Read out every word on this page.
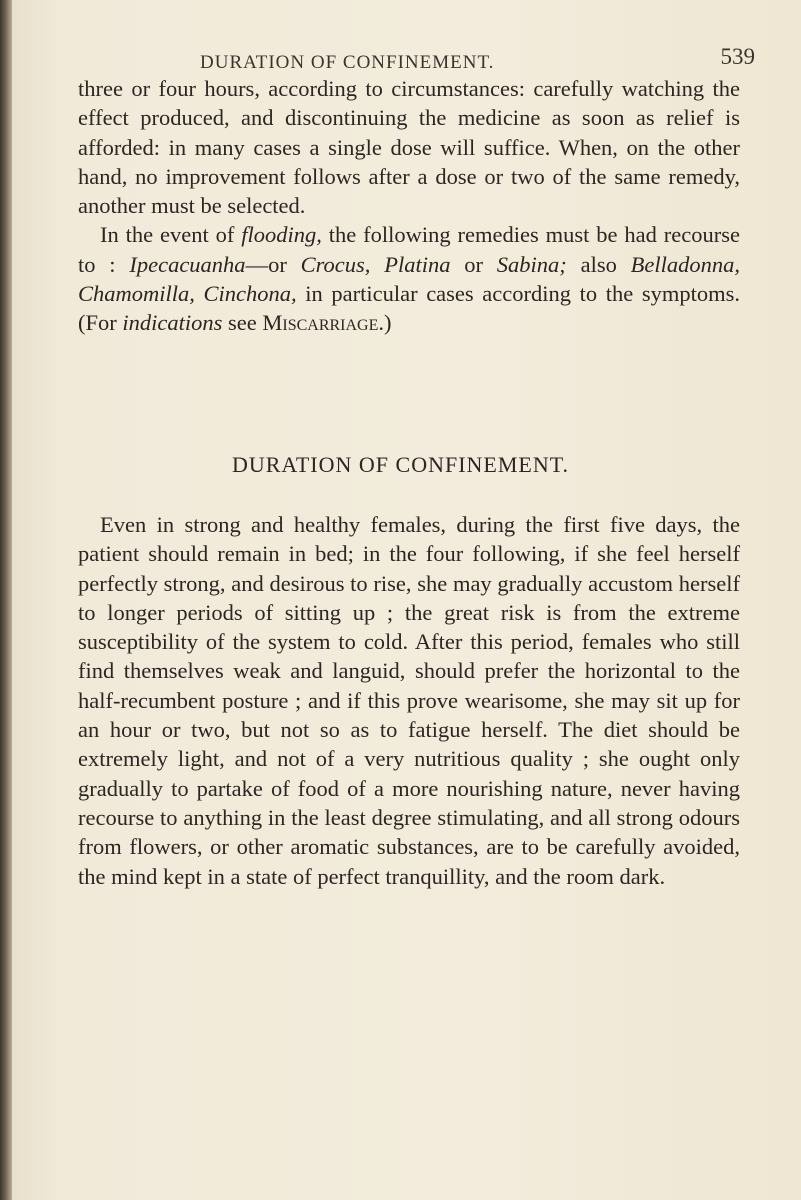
DURATION OF CONFINEMENT.	539

three or four hours, according to circumstances: carefully watching the effect produced, and discontinuing the medicine as soon as relief is afforded: in many cases a single dose will suffice. When, on the other hand, no improvement follows after a dose or two of the same remedy, another must be selected.

In the event of flooding, the following remedies must be had recourse to : Ipecacuanha—or Crocus, Platina or Sabina; also Belladonna, Chamomilla, Cinchona, in particular cases according to the symptoms. (For indications see Miscarriage.)

DURATION OF CONFINEMENT.

Even in strong and healthy females, during the first five days, the patient should remain in bed; in the four following, if she feel herself perfectly strong, and desirous to rise, she may gradually accustom herself to longer periods of sitting up ; the great risk is from the extreme susceptibility of the system to cold. After this period, females who still find themselves weak and languid, should prefer the horizontal to the half-recumbent posture ; and if this prove wearisome, she may sit up for an hour or two, but not so as to fatigue herself. The diet should be extremely light, and not of a very nutritious quality ; she ought only gradually to partake of food of a more nourishing nature, never having recourse to anything in the least degree stimulating, and all strong odours from flowers, or other aromatic substances, are to be carefully avoided, the mind kept in a state of perfect tranquillity, and the room dark.
